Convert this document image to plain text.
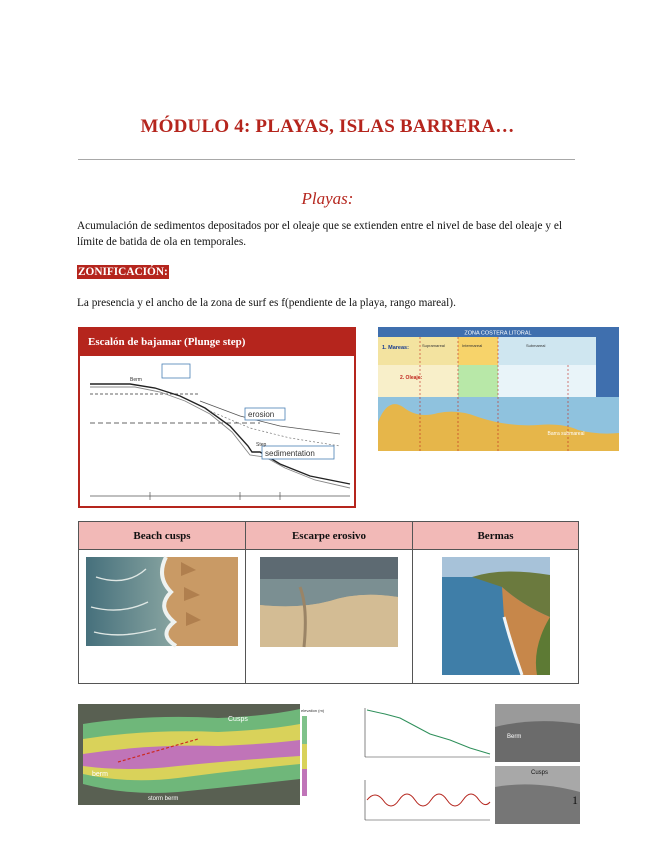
MÓDULO 4: PLAYAS, ISLAS BARRERA…
Playas:
Acumulación de sedimentos depositados por el oleaje que se extienden entre el nivel de base del oleaje y el límite de batida de ola en temporales.
ZONIFICACIÓN:
La presencia y el ancho de la zona de surf es f(pendiente de la playa, rango mareal).
Escalón de bajamar (Plunge step)
erosion
sedimentation
Step
Berm
ZONA COSTERA LITORAL
1. Mareas:	Supramareal	Intermareal	Submareal
2. Oleaje:
Barra submareal
Beach cusps	Escarpe erosivo	Bermas
Cusps
berm
storm berm
elevation (m)
Berm
Cusps
1
